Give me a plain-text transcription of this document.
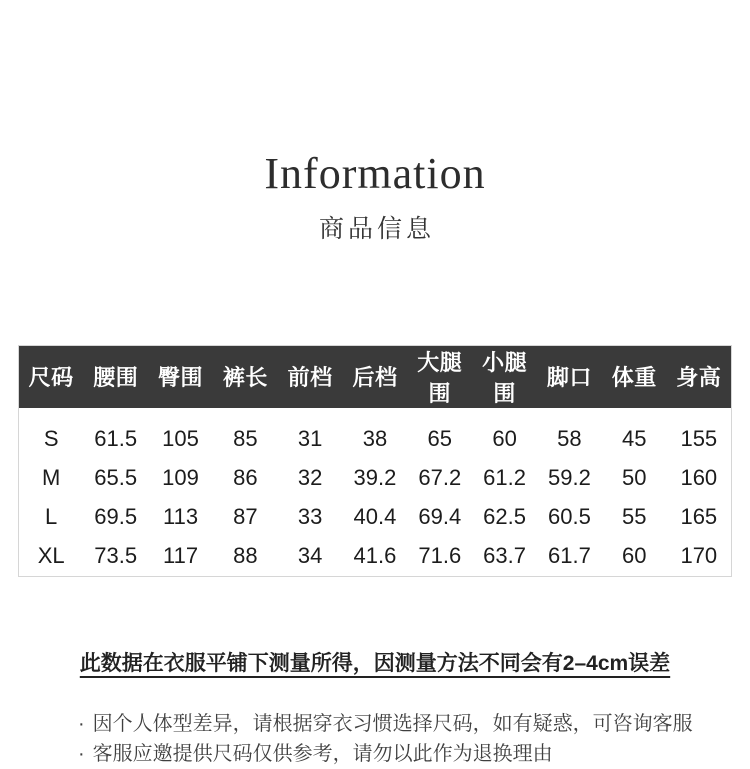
Information
商品信息
尺码	腰围	臀围	裤长	前档	后档	大腿围	小腿围	脚口	体重	身高
S	61.5	105	85	31	38	65	60	58	45	155
M	65.5	109	86	32	39.2	67.2	61.2	59.2	50	160
L	69.5	113	87	33	40.4	69.4	62.5	60.5	55	165
XL	73.5	117	88	34	41.6	71.6	63.7	61.7	60	170
此数据在衣服平铺下测量所得，因测量方法不同会有2–4cm误差
· 因个人体型差异，请根据穿衣习惯选择尺码，如有疑惑，可咨询客服
· 客服应邀提供尺码仅供参考，请勿以此作为退换理由
